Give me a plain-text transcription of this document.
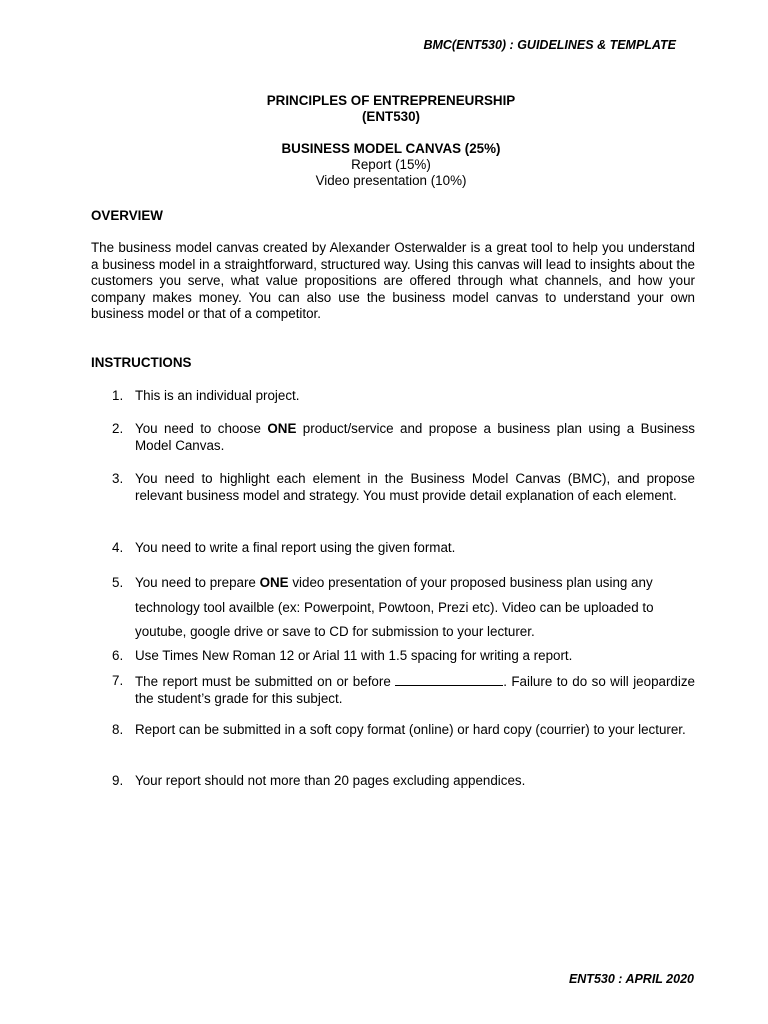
BMC(ENT530) : GUIDELINES & TEMPLATE
PRINCIPLES OF ENTREPRENEURSHIP
(ENT530)
BUSINESS MODEL CANVAS (25%)
Report (15%)
Video presentation (10%)
OVERVIEW
The business model canvas created by Alexander Osterwalder is a great tool to help you understand a business model in a straightforward, structured way. Using this canvas will lead to insights about the customers you serve, what value propositions are offered through what channels, and how your company makes money. You can also use the business model canvas to understand your own business model or that of a competitor.
INSTRUCTIONS
1. This is an individual project.
2. You need to choose ONE product/service and propose a business plan using a Business Model Canvas.
3. You need to highlight each element in the Business Model Canvas (BMC), and propose relevant business model and strategy. You must provide detail explanation of each element.
4. You need to write a final report using the given format.
5. You need to prepare ONE video presentation of your proposed business plan using any technology tool availble (ex: Powerpoint, Powtoon, Prezi etc). Video can be uploaded to youtube, google drive or save to CD for submission to your lecturer.
6. Use Times New Roman 12 or Arial 11 with 1.5 spacing for writing a report.
7. The report must be submitted on or before	. Failure to do so will jeopardize the student’s grade for this subject.
8. Report can be submitted in a soft copy format (online) or hard copy (courrier) to your lecturer.
9. Your report should not more than 20 pages excluding appendices.
ENT530 : APRIL 2020
